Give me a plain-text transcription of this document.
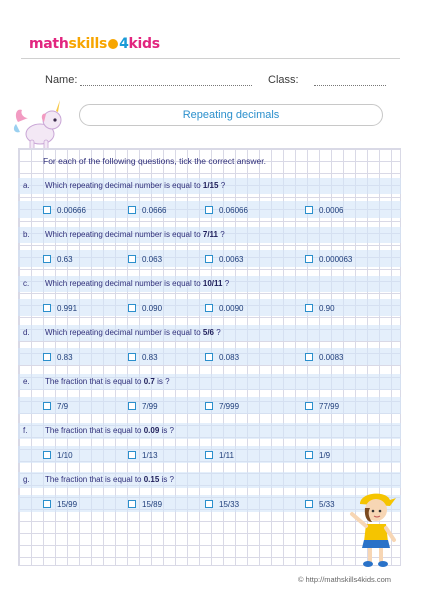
mathskills 4kids
Name:	Class:
Repeating decimals
For each of the following questions, tick the correct answer.
a. Which repeating decimal number is equal to 1/15 ?
0.00666	0.0666	0.06066	0.0006
b. Which repeating decimal number is equal to 7/11 ?
0.63	0.063	0.0063	0.000063
c. Which repeating decimal number is equal to 10/11 ?
0.991	0.090	0.0090	0.90
d. Which repeating decimal number is equal to 5/6 ?
0.83	0.83	0.083	0.0083
e. The fraction that is equal to 0.7 is ?
7/9	7/99	7/999	77/99
f. The fraction that is equal to 0.09 is ?
1/10	1/13	1/11	1/9
g. The fraction that is equal to 0.15 is ?
15/99	15/89	15/33	5/33
© http://mathskills4kids.com
